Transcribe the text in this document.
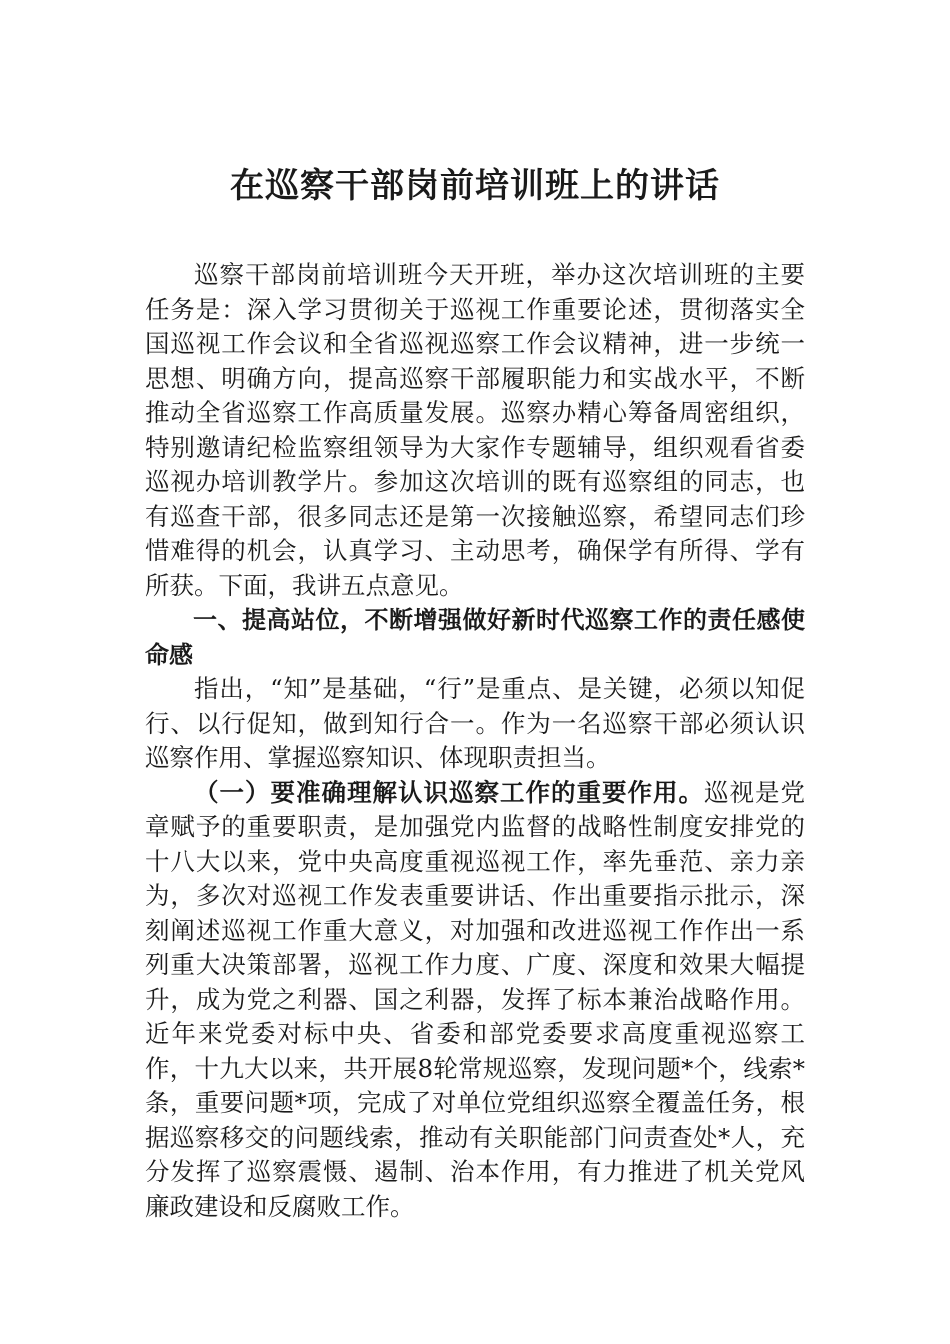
在巡察干部岗前培训班上的讲话

巡察干部岗前培训班今天开班，举办这次培训班的主要任务是：深入学习贯彻关于巡视工作重要论述，贯彻落实全国巡视工作会议和全省巡视巡察工作会议精神，进一步统一思想、明确方向，提高巡察干部履职能力和实战水平，不断推动全省巡察工作高质量发展。巡察办精心筹备周密组织，特别邀请纪检监察组领导为大家作专题辅导，组织观看省委巡视办培训教学片。参加这次培训的既有巡察组的同志，也有巡查干部，很多同志还是第一次接触巡察，希望同志们珍惜难得的机会，认真学习、主动思考，确保学有所得、学有所获。下面，我讲五点意见。

一、提高站位，不断增强做好新时代巡察工作的责任感使命感

指出，“知”是基础，“行”是重点、是关键，必须以知促行、以行促知，做到知行合一。作为一名巡察干部必须认识巡察作用、掌握巡察知识、体现职责担当。

（一）要准确理解认识巡察工作的重要作用。巡视是党章赋予的重要职责，是加强党内监督的战略性制度安排党的十八大以来，党中央高度重视巡视工作，率先垂范、亲力亲为，多次对巡视工作发表重要讲话、作出重要指示批示，深刻阐述巡视工作重大意义，对加强和改进巡视工作作出一系列重大决策部署，巡视工作力度、广度、深度和效果大幅提升，成为党之利器、国之利器，发挥了标本兼治战略作用。近年来党委对标中央、省委和部党委要求高度重视巡察工作，十九大以来，共开展8轮常规巡察，发现问题*个，线索*条，重要问题*项，完成了对单位党组织巡察全覆盖任务，根据巡察移交的问题线索，推动有关职能部门问责查处*人，充分发挥了巡察震慑、遏制、治本作用，有力推进了机关党风廉政建设和反腐败工作。
